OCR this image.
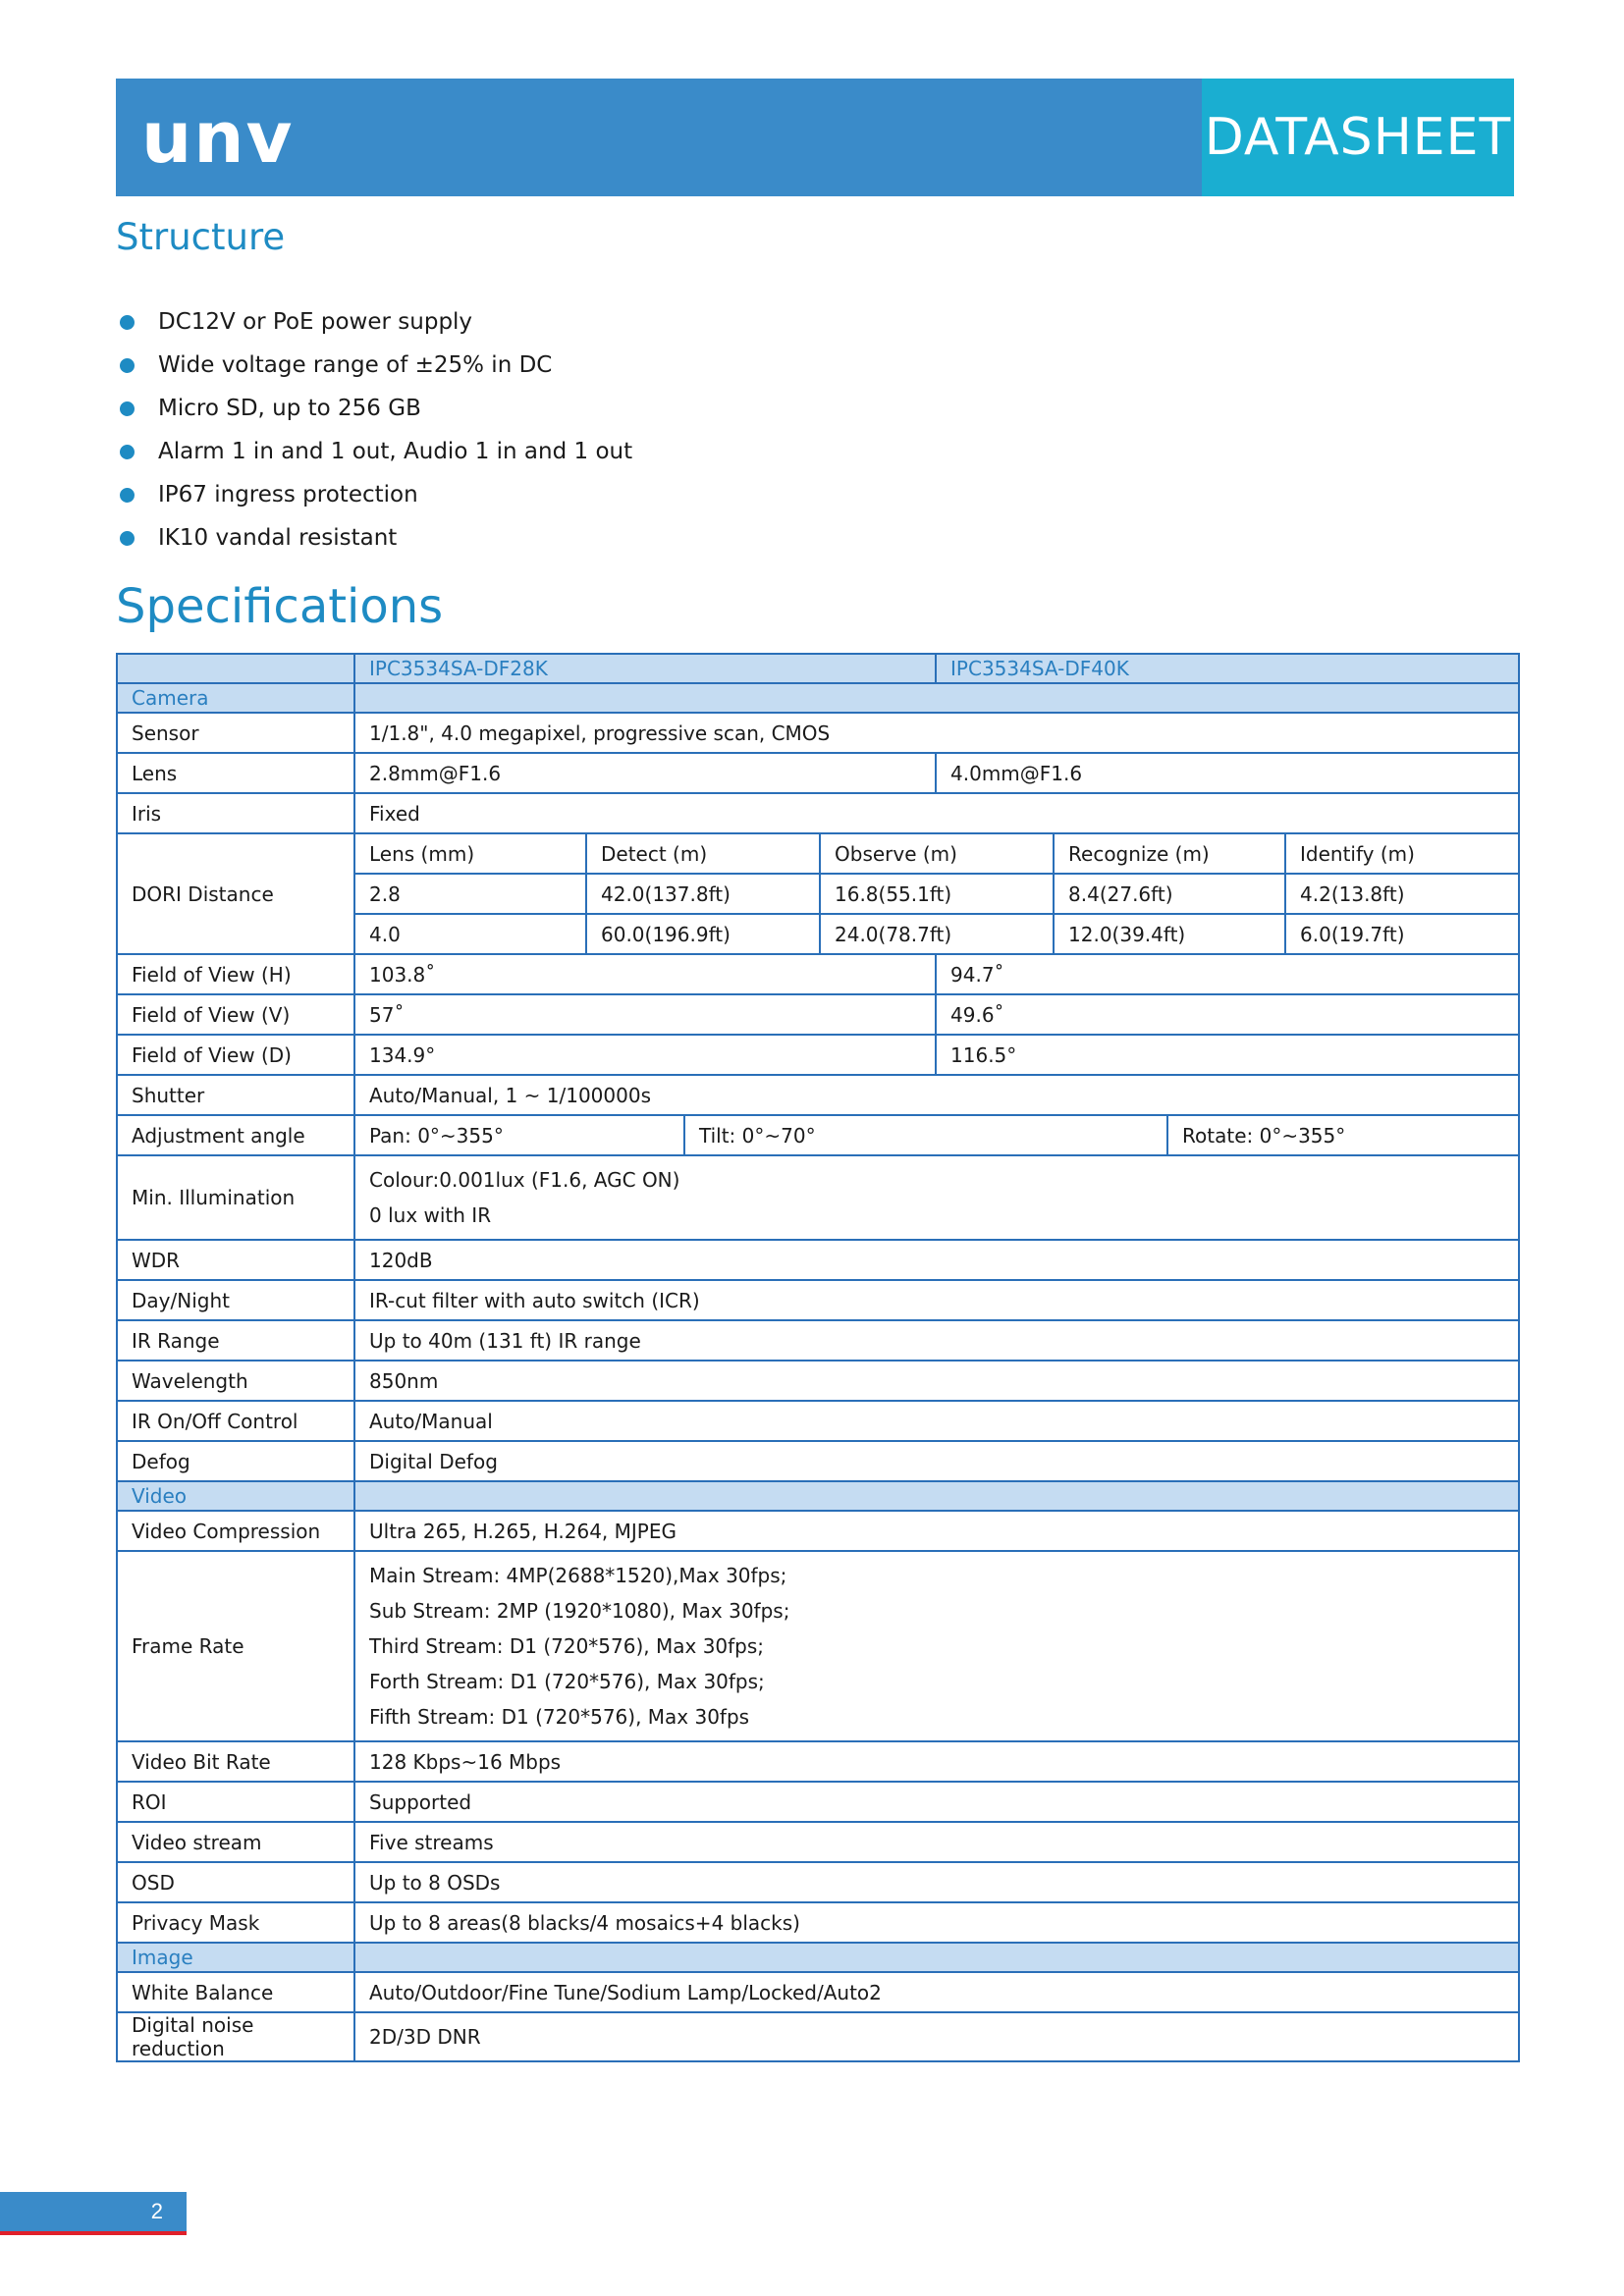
unv	DATASHEET
Structure
DC12V or PoE power supply
Wide voltage range of ±25% in DC
Micro SD, up to 256 GB
Alarm 1 in and 1 out, Audio 1 in and 1 out
IP67 ingress protection
IK10 vandal resistant
Specifications
	IPC3534SA-DF28K				IPC3534SA-DF40K			
Camera								
Sensor	1/1.8", 4.0 megapixel, progressive scan, CMOS							
Lens	2.8mm@F1.6				4.0mm@F1.6			
Iris	Fixed							
DORI Distance	Lens (mm)	Detect (m)		Observe (m)		Recognize (m)		Identify (m)
	2.8	42.0(137.8ft)		16.8(55.1ft)		8.4(27.6ft)		4.2(13.8ft)
	4.0	60.0(196.9ft)		24.0(78.7ft)		12.0(39.4ft)		6.0(19.7ft)
Field of View (H)	103.8˚				94.7˚			
Field of View (V)	57˚				49.6˚			
Field of View (D)	134.9°				116.5°			
Shutter	Auto/Manual, 1 ~ 1/100000s							
Adjustment angle	Pan: 0°~355°		Tilt: 0°~70°				Rotate: 0°~355°	
Min. Illumination	Colour:0.001lux (F1.6, AGC ON)
0 lux with IR							

WDR	120dB							
Day/Night	IR-cut filter with auto switch (ICR)							
IR Range	Up to 40m (131 ft) IR range							
Wavelength	850nm							
IR On/Off Control	Auto/Manual							
Defog	Digital Defog							
Video								
Video Compression	Ultra 265, H.265, H.264, MJPEG							
Frame Rate	Main Stream: 4MP(2688*1520),Max 30fps;
Sub Stream: 2MP (1920*1080), Max 30fps;
Third Stream: D1 (720*576), Max 30fps;
Forth Stream: D1 (720*576), Max 30fps;
Fifth Stream: D1 (720*576), Max 30fps							

Video Bit Rate	128 Kbps~16 Mbps							
ROI	Supported							
Video stream	Five streams							
OSD	Up to 8 OSDs							
Privacy Mask	Up to 8 areas(8 blacks/4 mosaics+4 blacks)							
Image								
White Balance	Auto/Outdoor/Fine Tune/Sodium Lamp/Locked/Auto2							
Digital noise reduction	2D/3D DNR							
2
